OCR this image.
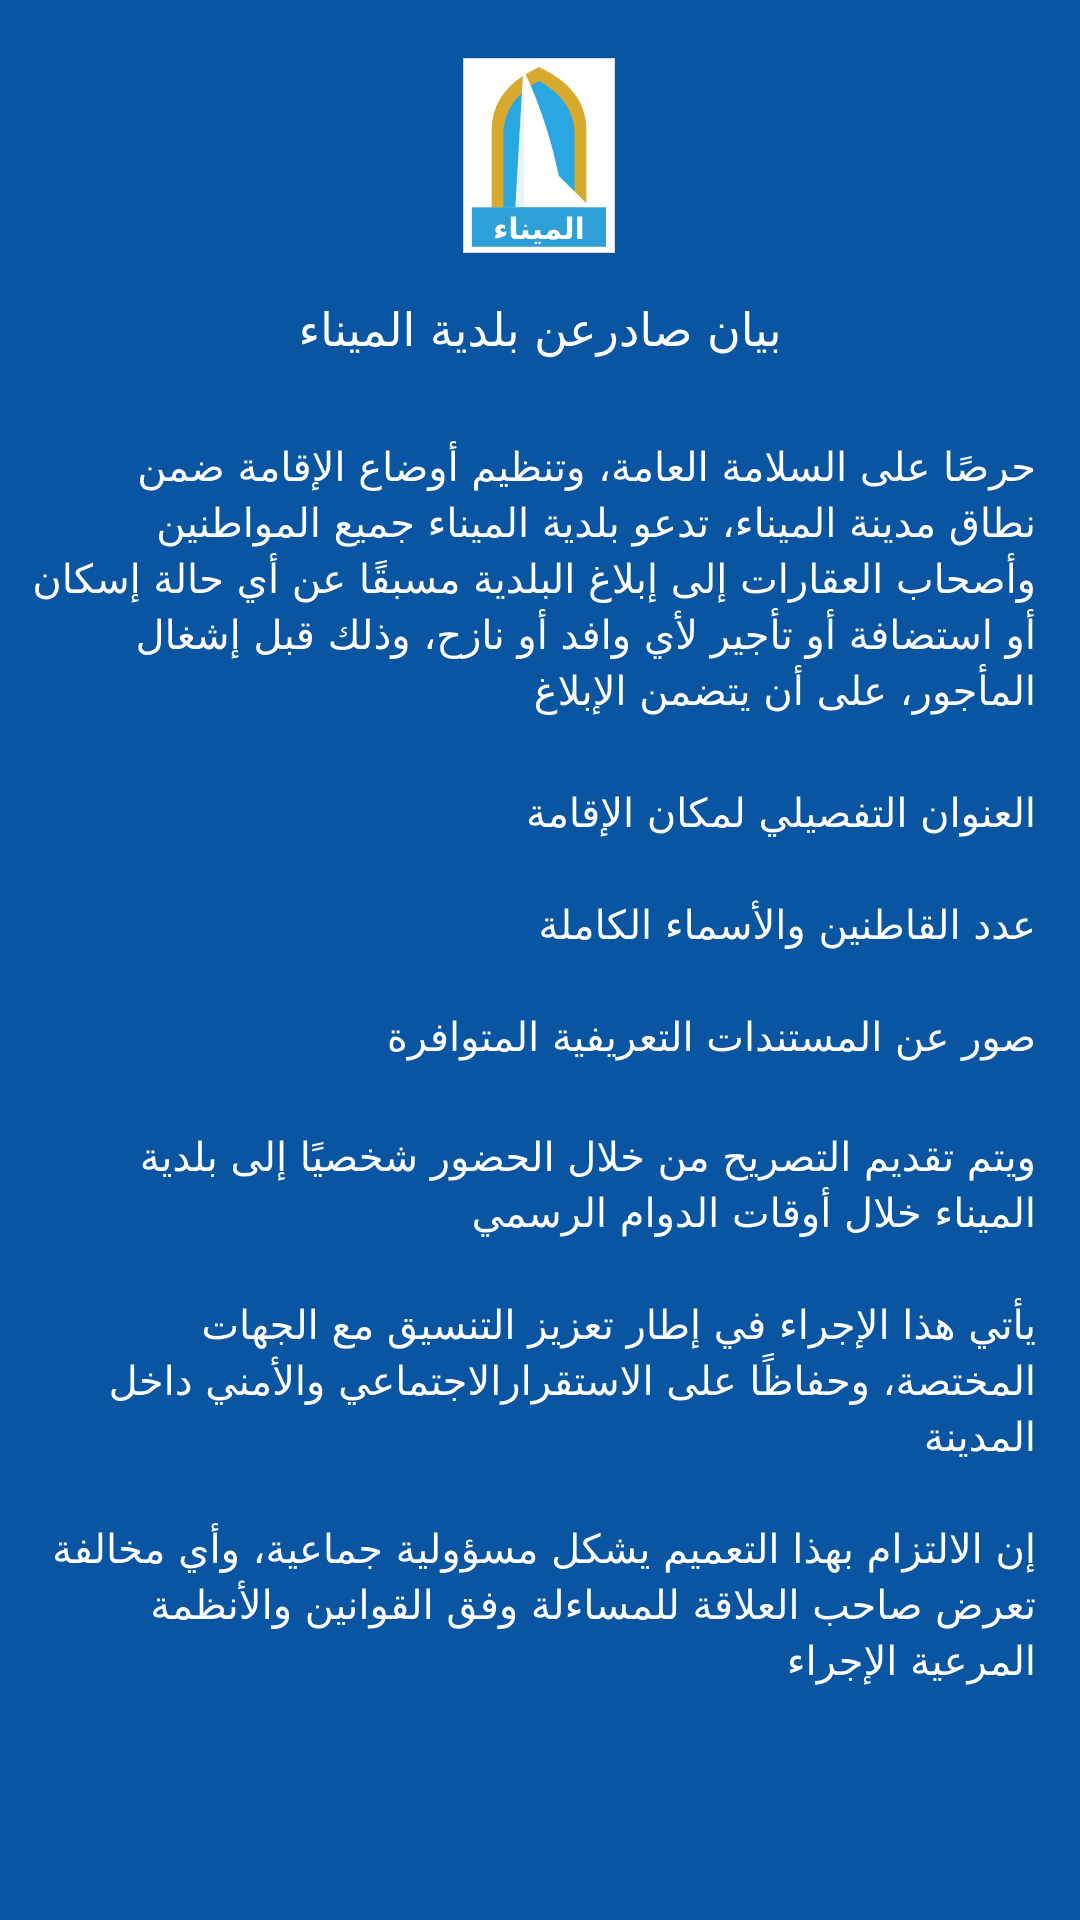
الميناء
بيان صادرعن بلدية الميناء
حرصًا على السلامة العامة، وتنظيم أوضاع الإقامة ضمن
نطاق مدينة الميناء، تدعو بلدية الميناء جميع المواطنين
وأصحاب العقارات إلى إبلاغ البلدية مسبقًا عن أي حالة إسكان
أو استضافة أو تأجير لأي وافد أو نازح، وذلك قبل إشغال
المأجور، على أن يتضمن الإبلاغ
العنوان التفصيلي لمكان الإقامة
عدد القاطنين والأسماء الكاملة
صور عن المستندات التعريفية المتوافرة
ويتم تقديم التصريح من خلال الحضور شخصيًا إلى بلدية
الميناء خلال أوقات الدوام الرسمي
يأتي هذا الإجراء في إطار تعزيز التنسيق مع الجهات
المختصة، وحفاظًا على الاستقرارالاجتماعي والأمني داخل
المدينة
إن الالتزام بهذا التعميم يشكل مسؤولية جماعية، وأي مخالفة
تعرض صاحب العلاقة للمساءلة وفق القوانين والأنظمة
المرعية الإجراء
